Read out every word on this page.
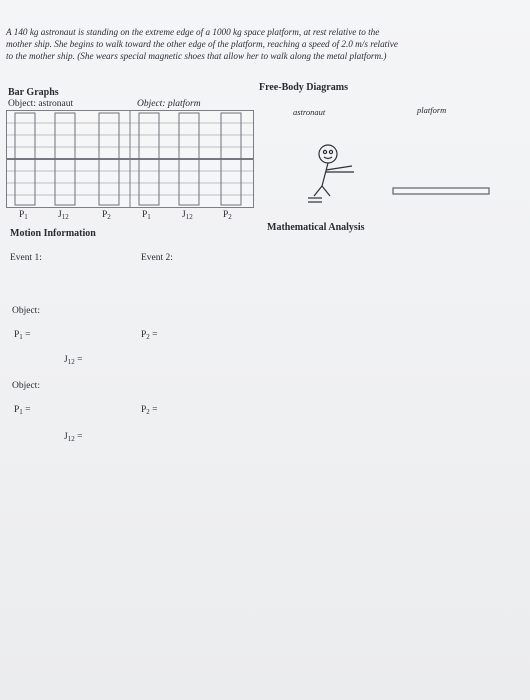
A 140 kg astronaut is standing on the extreme edge of a 1000 kg space platform, at rest relative to the
mother ship. She begins to walk toward the other edge of the platform, reaching a speed of 2.0 m/s relative
to the mother ship. (She wears special magnetic shoes that allow her to walk along the metal platform.)
Bar Graphs
Object: astronaut	Object: platform
$P_1$	$J_{12}$	$P_2$	$P_1$	$J_{12}$	$P_2$
Free-Body Diagrams
astronaut	platform
Motion Information
Event 1:	Event 2:
Mathematical Analysis
Object:
$P_1$ =	$P_2$ =
$J_{12}$ =
Object:
$P_1$ =	$P_2$ =
$J_{12}$ =
